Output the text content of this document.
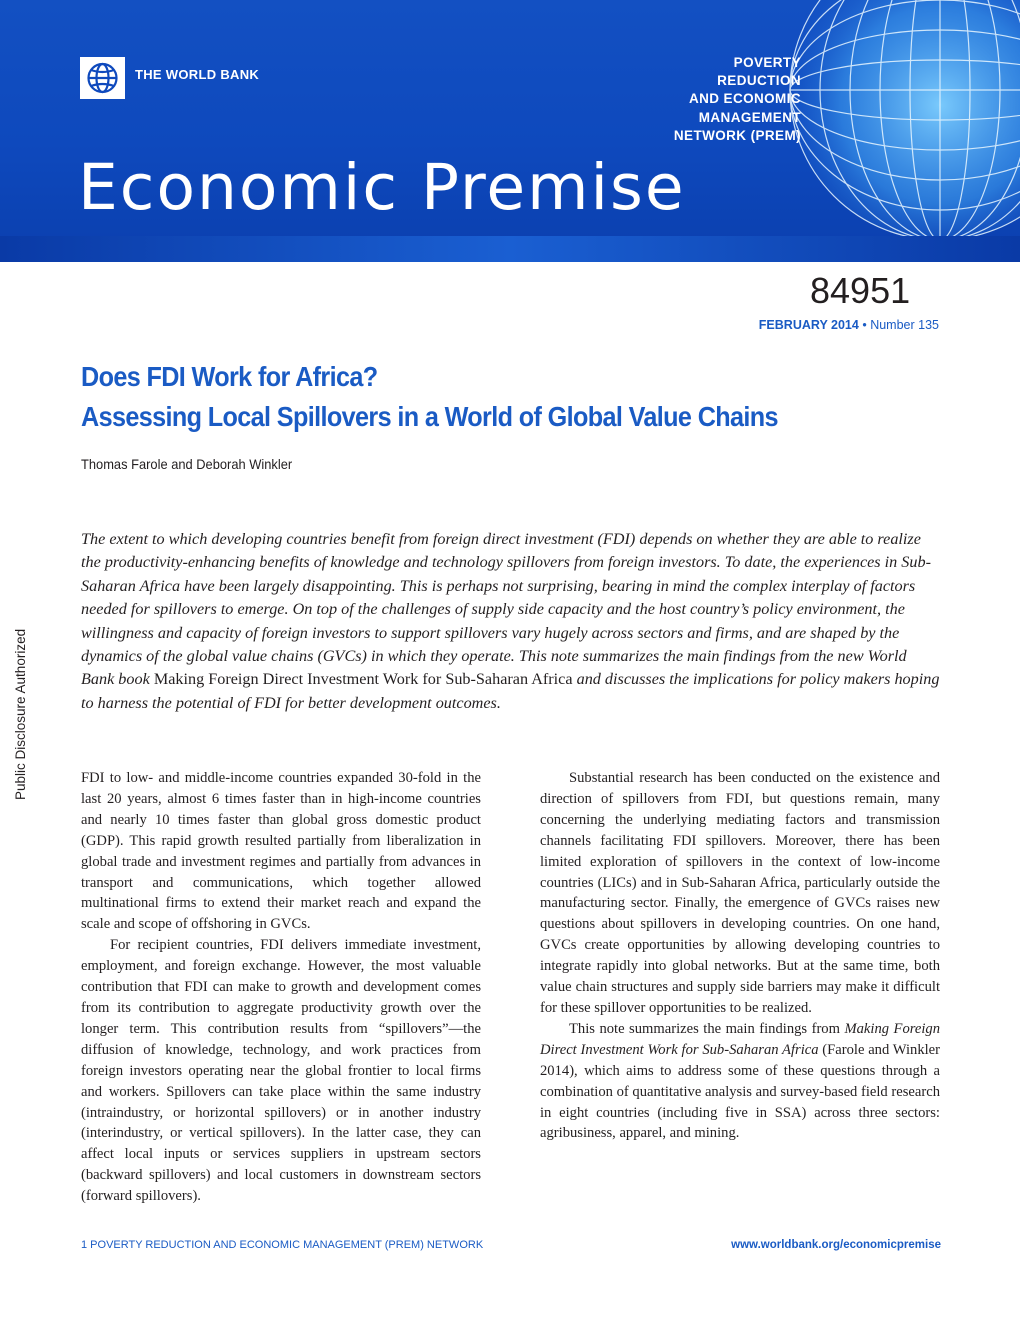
Public Disclosure Authorized
THE WORLD BANK
POVERTY
REDUCTION
AND ECONOMIC
MANAGEMENT
NETWORK (PREM)
Economic Premise
84951
FEBRUARY 2014 • Number 135
Does FDI Work for Africa?
Assessing Local Spillovers in a World of Global Value Chains
Thomas Farole and Deborah Winkler
The extent to which developing countries benefit from foreign direct investment (FDI) depends on whether they are able to realize the productivity-enhancing benefits of knowledge and technology spillovers from foreign investors. To date, the experiences in Sub-Saharan Africa have been largely disappointing. This is perhaps not surprising, bearing in mind the complex interplay of factors needed for spillovers to emerge. On top of the challenges of supply side capacity and the host country’s policy environment, the willingness and capacity of foreign investors to support spillovers vary hugely across sectors and firms, and are shaped by the dynamics of the global value chains (GVCs) in which they operate. This note summarizes the main findings from the new World Bank book Making Foreign Direct Investment Work for Sub-Saharan Africa and discusses the implications for policy makers hoping to harness the potential of FDI for better development outcomes.

FDI to low- and middle-income countries expanded 30-fold in the last 20 years, almost 6 times faster than in high-income countries and nearly 10 times faster than global gross domestic product (GDP). This rapid growth resulted partially from liberalization in global trade and investment regimes and partially from advances in transport and communications, which together allowed multinational firms to extend their market reach and expand the scale and scope of offshoring in GVCs.

For recipient countries, FDI delivers immediate investment, employment, and foreign exchange. However, the most valuable contribution that FDI can make to growth and development comes from its contribution to aggregate productivity growth over the longer term. This contribution results from “spillovers”—the diffusion of knowledge, technology, and work practices from foreign investors operating near the global frontier to local firms and workers. Spillovers can take place within the same industry (intraindustry, or horizontal spillovers) or in another industry (interindustry, or vertical spillovers). In the latter case, they can affect local inputs or services suppliers in upstream sectors (backward spillovers) and local customers in downstream sectors (forward spillovers).

Substantial research has been conducted on the existence and direction of spillovers from FDI, but questions remain, many concerning the underlying mediating factors and transmission channels facilitating FDI spillovers. Moreover, there has been limited exploration of spillovers in the context of low-income countries (LICs) and in Sub-Saharan Africa, particularly outside the manufacturing sector. Finally, the emergence of GVCs raises new questions about spillovers in developing countries. On one hand, GVCs create opportunities by allowing developing countries to integrate rapidly into global networks. But at the same time, both value chain structures and supply side barriers may make it difficult for these spillover opportunities to be realized.

This note summarizes the main findings from Making Foreign Direct Investment Work for Sub-Saharan Africa (Farole and Winkler 2014), which aims to address some of these questions through a combination of quantitative analysis and survey-based field research in eight countries (including five in SSA) across three sectors: agribusiness, apparel, and mining.

1 POVERTY REDUCTION AND ECONOMIC MANAGEMENT (PREM) NETWORK	www.worldbank.org/economicpremise
